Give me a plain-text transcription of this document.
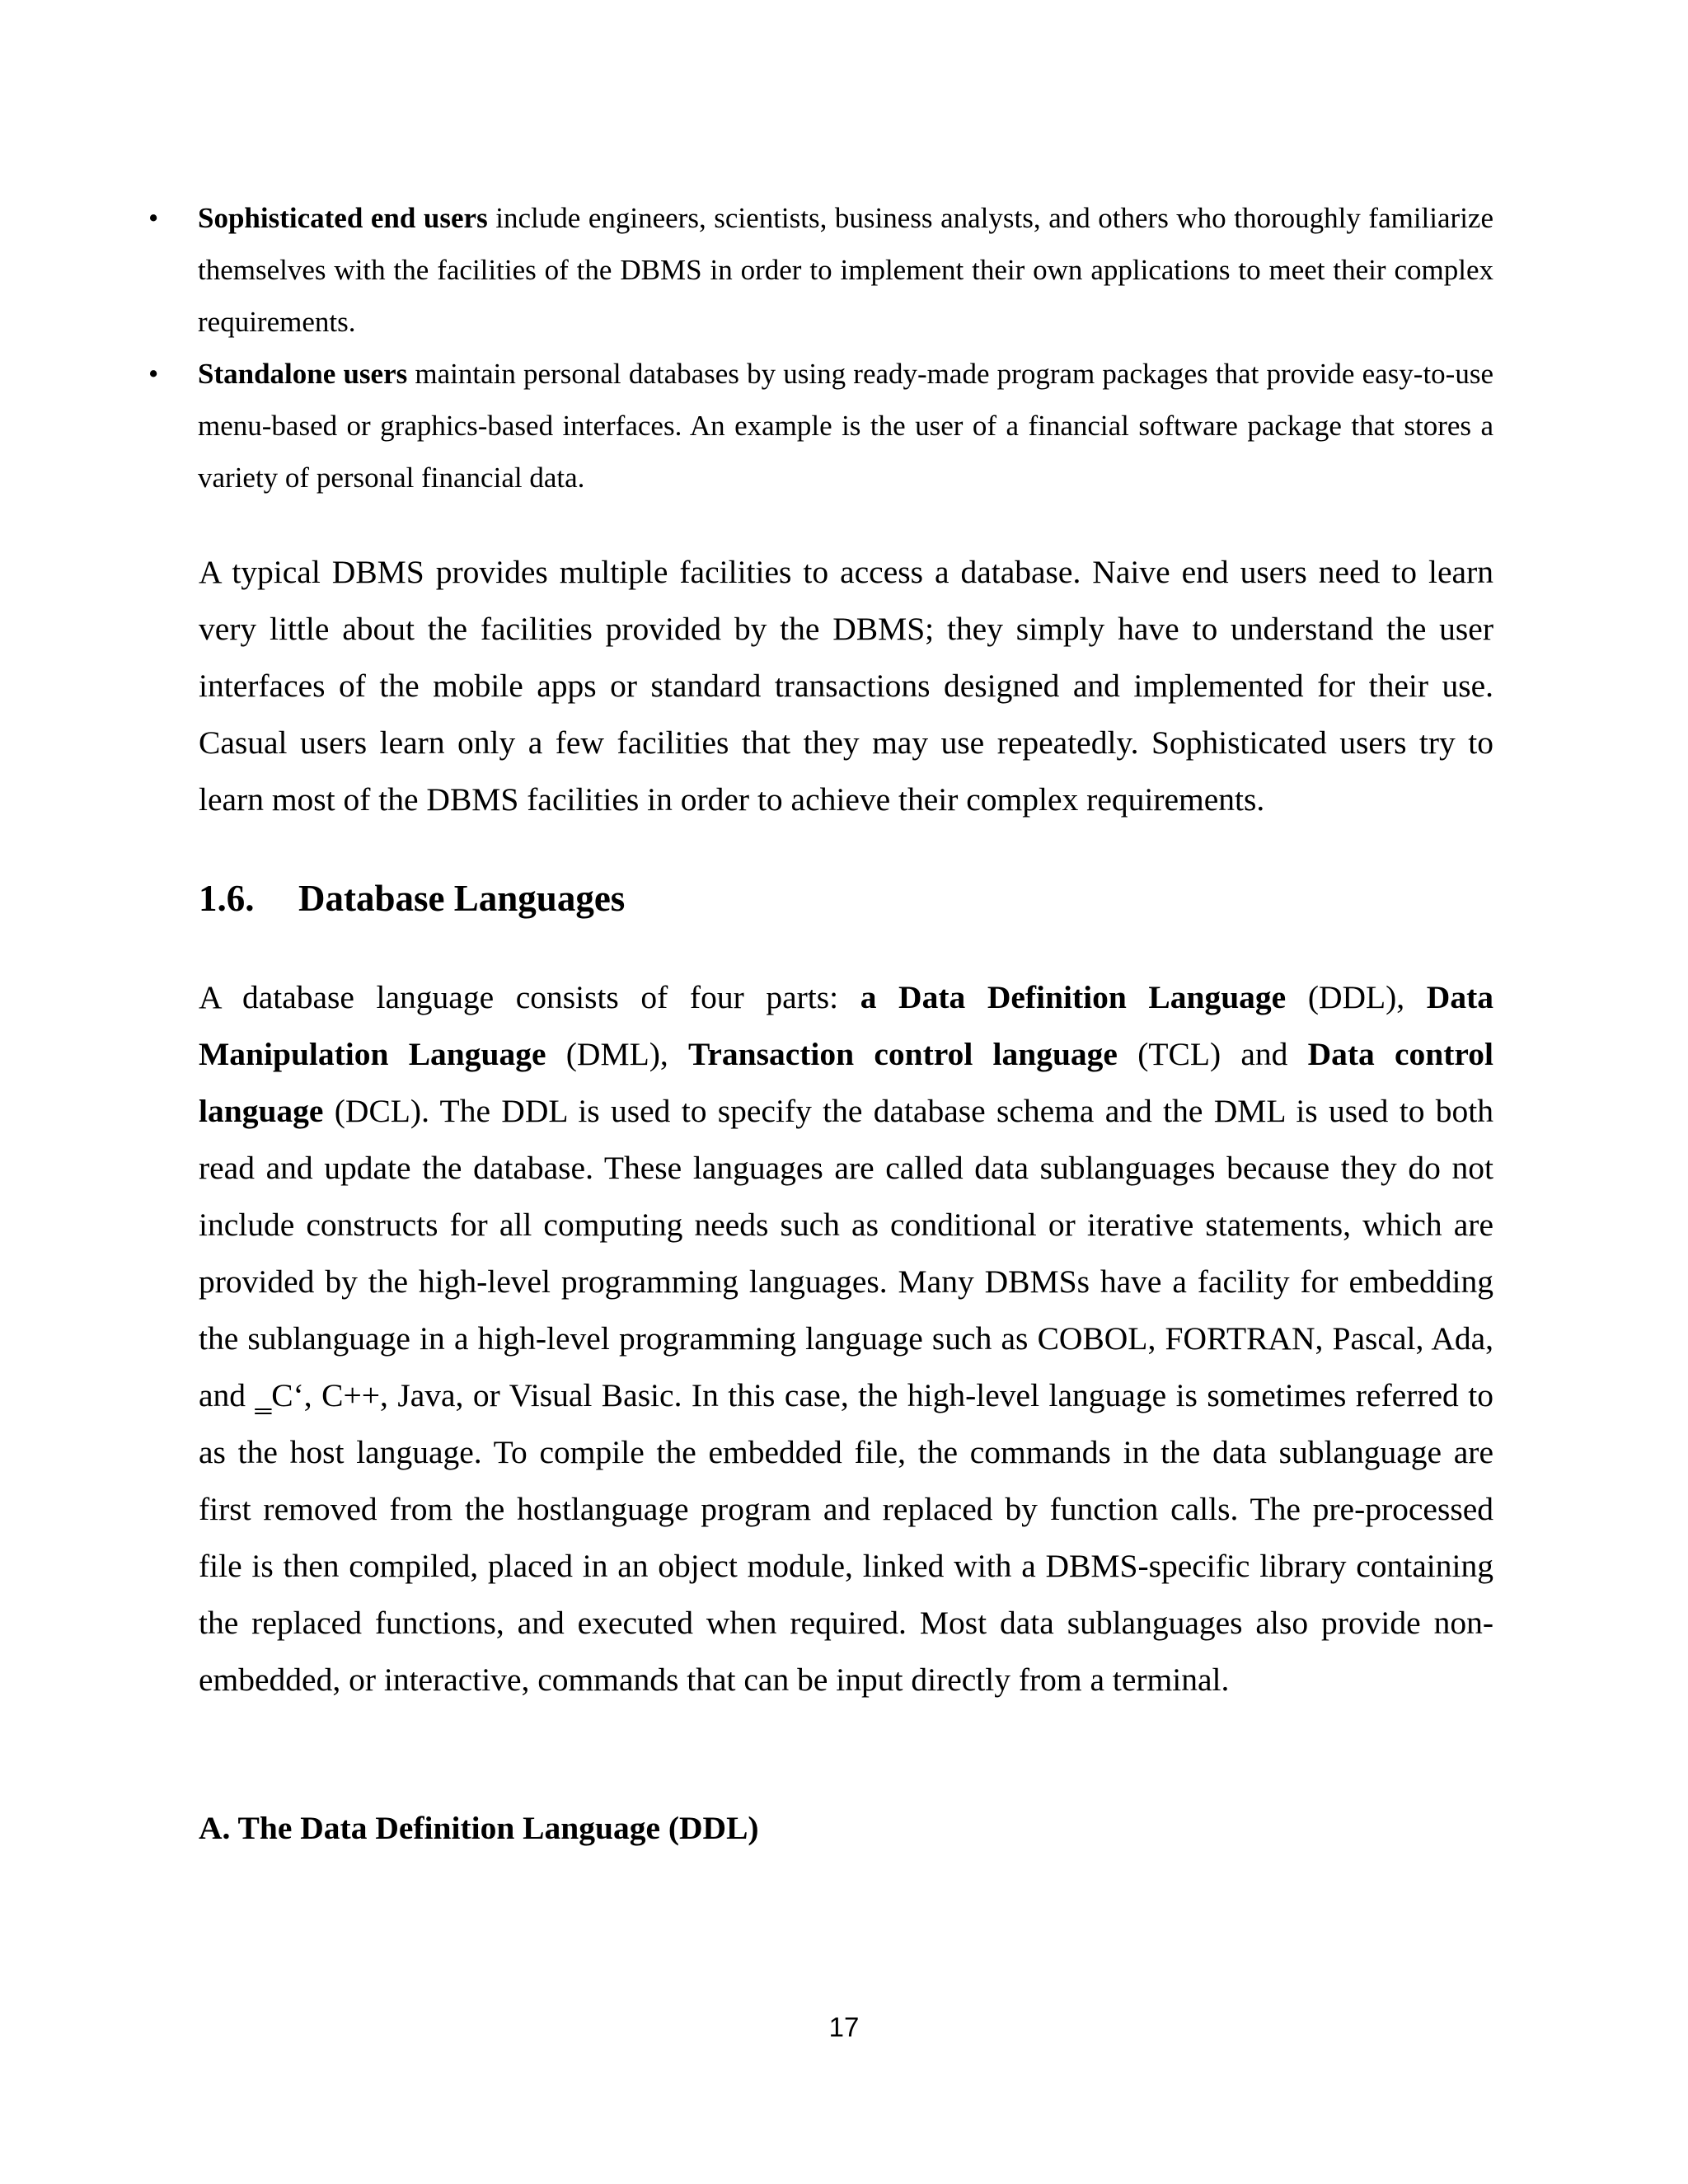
• Sophisticated end users include engineers, scientists, business analysts, and others who thoroughly familiarize themselves with the facilities of the DBMS in order to implement their own applications to meet their complex requirements.
• Standalone users maintain personal databases by using ready-made program packages that provide easy-to-use menu-based or graphics-based interfaces. An example is the user of a financial software package that stores a variety of personal financial data.

A typical DBMS provides multiple facilities to access a database. Naive end users need to learn very little about the facilities provided by the DBMS; they simply have to understand the user interfaces of the mobile apps or standard transactions designed and implemented for their use. Casual users learn only a few facilities that they may use repeatedly. Sophisticated users try to learn most of the DBMS facilities in order to achieve their complex requirements.

1.6. Database Languages

A database language consists of four parts: a Data Definition Language (DDL), Data Manipulation Language (DML), Transaction control language (TCL) and Data control language (DCL). The DDL is used to specify the database schema and the DML is used to both read and update the database. These languages are called data sublanguages because they do not include constructs for all computing needs such as conditional or iterative statements, which are provided by the high-level programming languages. Many DBMSs have a facility for embedding the sublanguage in a high-level programming language such as COBOL, FORTRAN, Pascal, Ada, and ‗C‘, C++, Java, or Visual Basic. In this case, the high-level language is sometimes referred to as the host language. To compile the embedded file, the commands in the data sublanguage are first removed from the hostlanguage program and replaced by function calls. The pre-processed file is then compiled, placed in an object module, linked with a DBMS-specific library containing the replaced functions, and executed when required. Most data sublanguages also provide non-embedded, or interactive, commands that can be input directly from a terminal.

A. The Data Definition Language (DDL)
17
